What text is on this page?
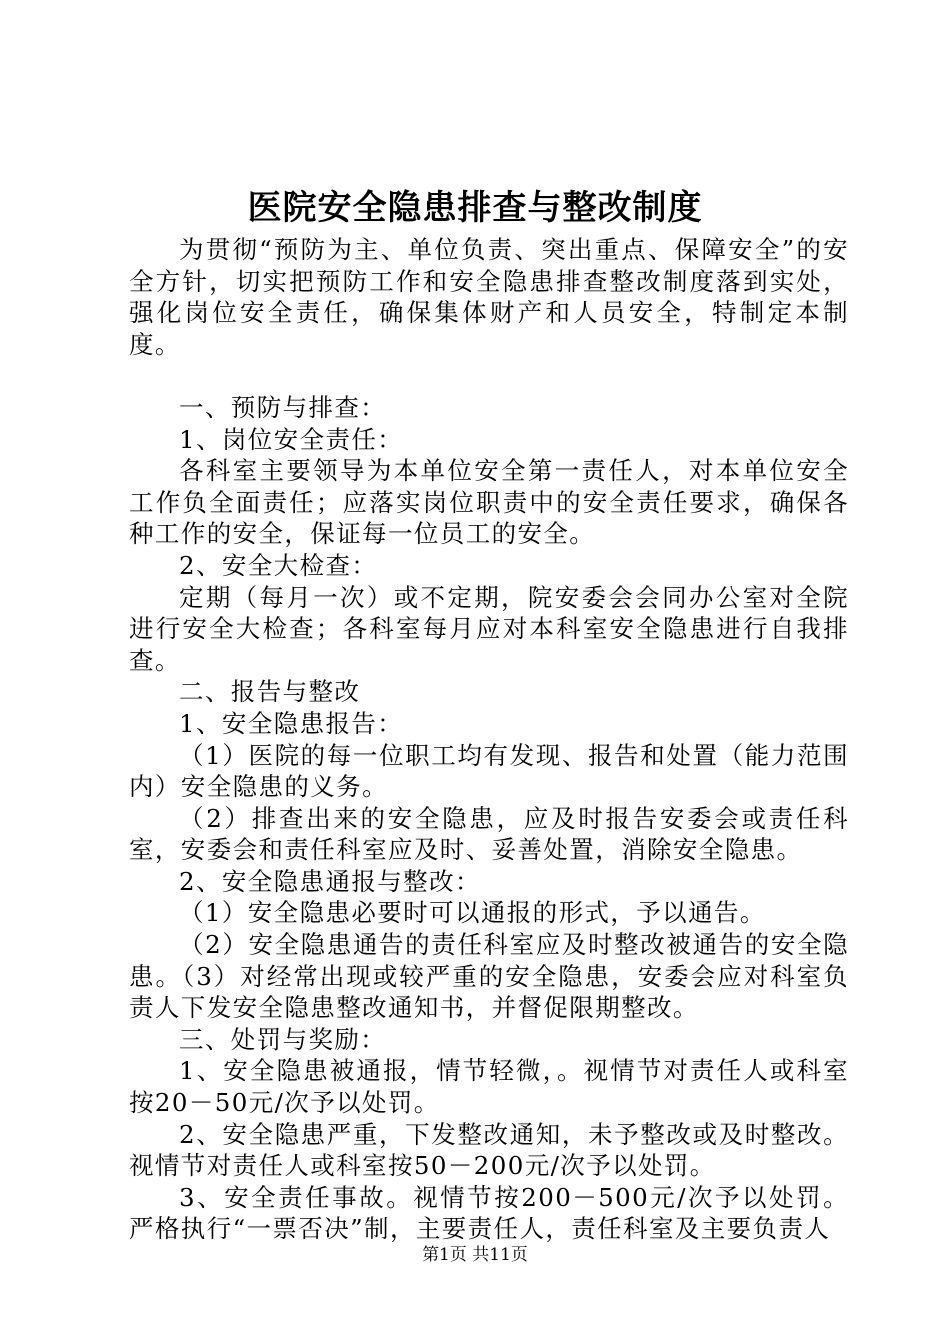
医院安全隐患排查与整改制度

为贯彻“预防为主、单位负责、突出重点、保障安全”的安全方针，切实把预防工作和安全隐患排查整改制度落到实处，强化岗位安全责任，确保集体财产和人员安全，特制定本制度。

一、预防与排查：

1、岗位安全责任：

各科室主要领导为本单位安全第一责任人，对本单位安全工作负全面责任；应落实岗位职责中的安全责任要求，确保各种工作的安全，保证每一位员工的安全。

2、安全大检查：

定期（每月一次）或不定期，院安委会会同办公室对全院进行安全大检查；各科室每月应对本科室安全隐患进行自我排查。

二、报告与整改

1、安全隐患报告：

（1）医院的每一位职工均有发现、报告和处置（能力范围内）安全隐患的义务。

（2）排查出来的安全隐患，应及时报告安委会或责任科室，安委会和责任科室应及时、妥善处置，消除安全隐患。

2、安全隐患通报与整改：

（1）安全隐患必要时可以通报的形式，予以通告。

（2）安全隐患通告的责任科室应及时整改被通告的安全隐患。（3）对经常出现或较严重的安全隐患，安委会应对科室负责人下发安全隐患整改通知书，并督促限期整改。

三、处罚与奖励：

1、安全隐患被通报，情节轻微，。视情节对责任人或科室按20－50元/次予以处罚。

2、安全隐患严重，下发整改通知，未予整改或及时整改。视情节对责任人或科室按50－200元/次予以处罚。

3、安全责任事故。视情节按200－500元/次予以处罚。严格执行“一票否决”制，主要责任人，责任科室及主要负责人

第1页 共11页
